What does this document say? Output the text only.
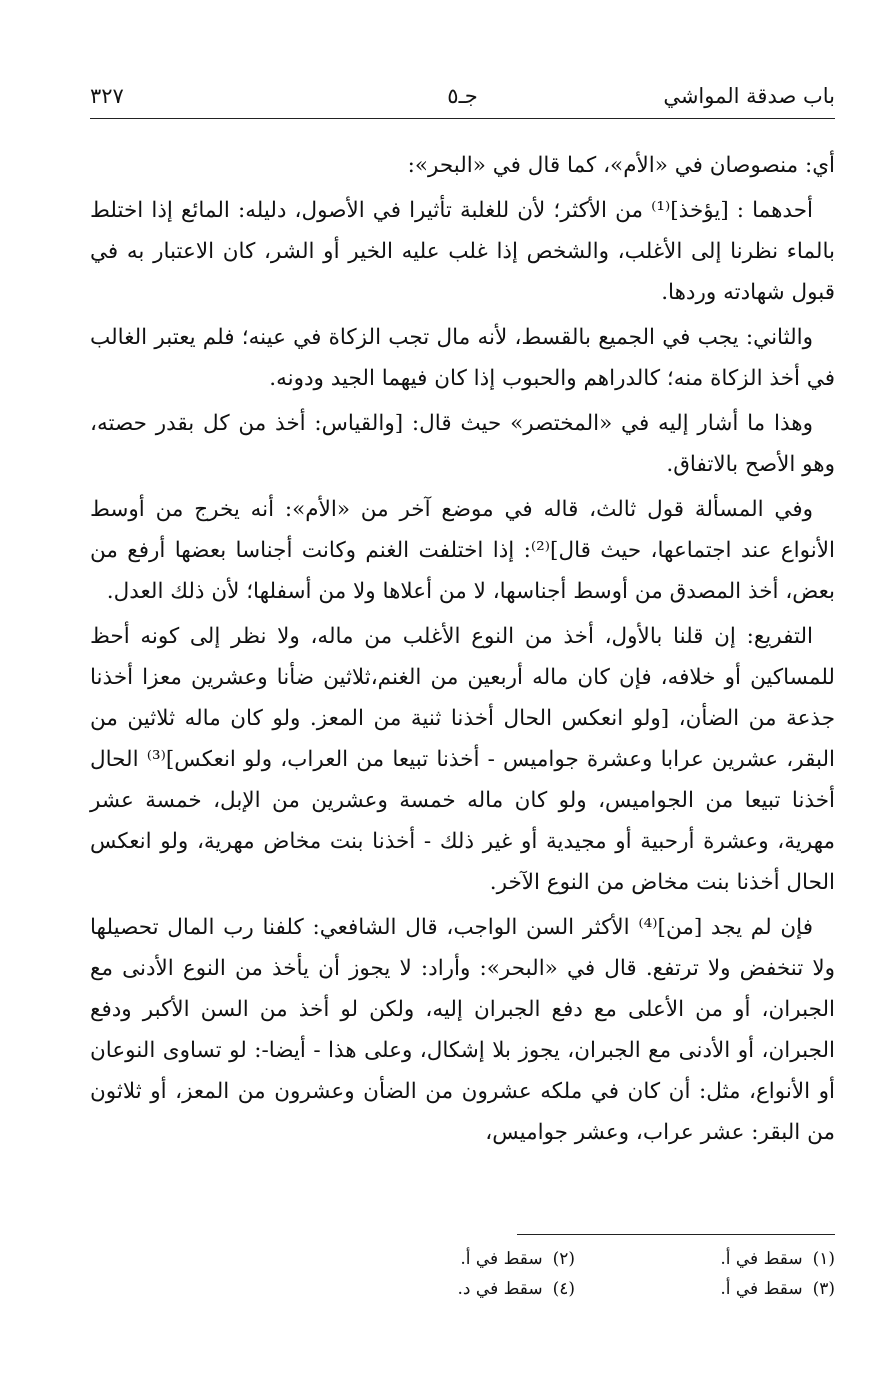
باب صدقة المواشي
جـ٥
٣٢٧

أي: منصوصان في «الأم»، كما قال في «البحر»:

أحدهما : [يؤخذ]⁽¹⁾ من الأكثر؛ لأن للغلبة تأثيرا في الأصول، دليله: المائع إذا اختلط بالماء نظرنا إلى الأغلب، والشخص إذا غلب عليه الخير أو الشر، كان الاعتبار به في قبول شهادته وردها.

والثاني: يجب في الجميع بالقسط، لأنه مال تجب الزكاة في عينه؛ فلم يعتبر الغالب في أخذ الزكاة منه؛ كالدراهم والحبوب إذا كان فيهما الجيد ودونه.

وهذا ما أشار إليه في «المختصر» حيث قال: [والقياس: أخذ من كل بقدر حصته، وهو الأصح بالاتفاق.

وفي المسألة قول ثالث، قاله في موضع آخر من «الأم»: أنه يخرج من أوسط الأنواع عند اجتماعها، حيث قال]⁽²⁾: إذا اختلفت الغنم وكانت أجناسا بعضها أرفع من بعض، أخذ المصدق من أوسط أجناسها، لا من أعلاها ولا من أسفلها؛ لأن ذلك العدل.

التفريع: إن قلنا بالأول، أخذ من النوع الأغلب من ماله، ولا نظر إلى كونه أحظ للمساكين أو خلافه، فإن كان ماله أربعين من الغنم،ثلاثين ضأنا وعشرين معزا أخذنا جذعة من الضأن، [ولو انعكس الحال أخذنا ثنية من المعز. ولو كان ماله ثلاثين من البقر، عشرين عرابا وعشرة جواميس - أخذنا تبيعا من العراب، ولو انعكس]⁽³⁾ الحال أخذنا تبيعا من الجواميس، ولو كان ماله خمسة وعشرين من الإبل، خمسة عشر مهرية، وعشرة أرحبية أو مجيدية أو غير ذلك - أخذنا بنت مخاض مهرية، ولو انعكس الحال أخذنا بنت مخاض من النوع الآخر.

فإن لم يجد [من]⁽⁴⁾ الأكثر السن الواجب، قال الشافعي: كلفنا رب المال تحصيلها ولا تنخفض ولا ترتفع. قال في «البحر»: وأراد: لا يجوز أن يأخذ من النوع الأدنى مع الجبران، أو من الأعلى مع دفع الجبران إليه، ولكن لو أخذ من السن الأكبر ودفع الجبران، أو الأدنى مع الجبران، يجوز بلا إشكال، وعلى هذا - أيضا-: لو تساوى النوعان أو الأنواع، مثل: أن كان في ملكه عشرون من الضأن وعشرون من المعز، أو ثلاثون من البقر: عشر عراب، وعشر جواميس،

(١)سقط في أ.
(٢)سقط في أ.
(٣)سقط في أ.
(٤)سقط في د.
